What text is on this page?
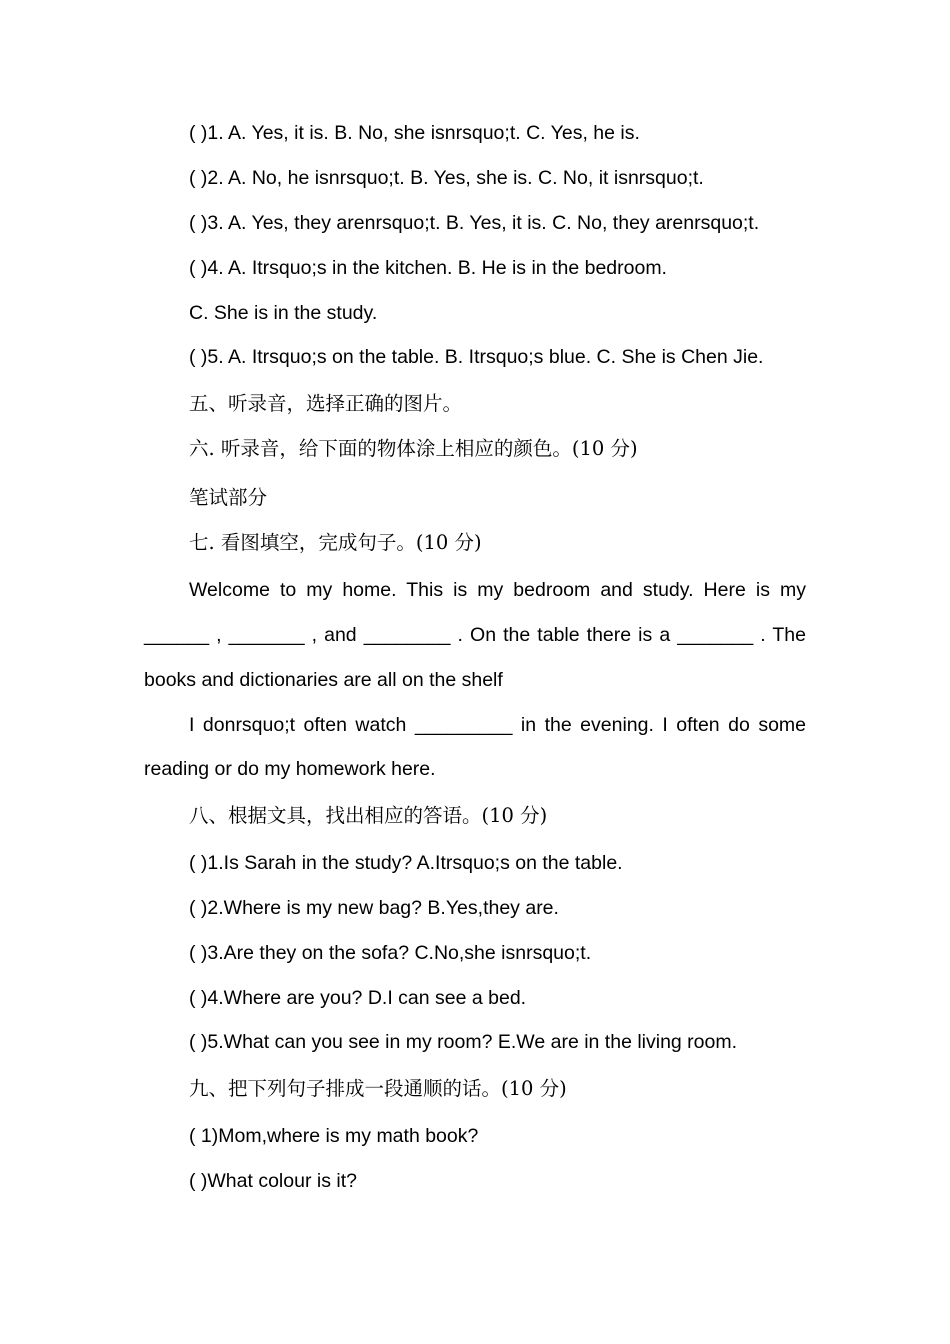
( )1. A. Yes, it is. B. No, she isnrsquo;t. C. Yes, he is.
( )2. A. No, he isnrsquo;t. B. Yes, she is. C. No, it isnrsquo;t.
( )3. A. Yes, they arenrsquo;t. B. Yes, it is. C. No, they arenrsquo;t.
( )4. A. Itrsquo;s in the kitchen. B. He is in the bedroom.
C. She is in the study.
( )5. A. Itrsquo;s on the table. B. Itrsquo;s blue. C. She is Chen Jie.
五、听录音，选择正确的图片。
六. 听录音，给下面的物体涂上相应的颜色。(10 分)
笔试部分
七. 看图填空，完成句子。(10 分)
Welcome to my home. This is my bedroom and study. Here is my
______ , _______ , and ________ . On the table there is a _______ . The
books and dictionaries are all on the shelf
I donrsquo;t often watch _________ in the evening. I often do some
reading or do my homework here.
八、根据文具，找出相应的答语。(10 分)
( )1.Is Sarah in the study? A.Itrsquo;s on the table.
( )2.Where is my new bag? B.Yes,they are.
( )3.Are they on the sofa? C.No,she isnrsquo;t.
( )4.Where are you? D.I can see a bed.
( )5.What can you see in my room? E.We are in the living room.
九、把下列句子排成一段通顺的话。(10 分)
( 1)Mom,where is my math book?
( )What colour is it?
